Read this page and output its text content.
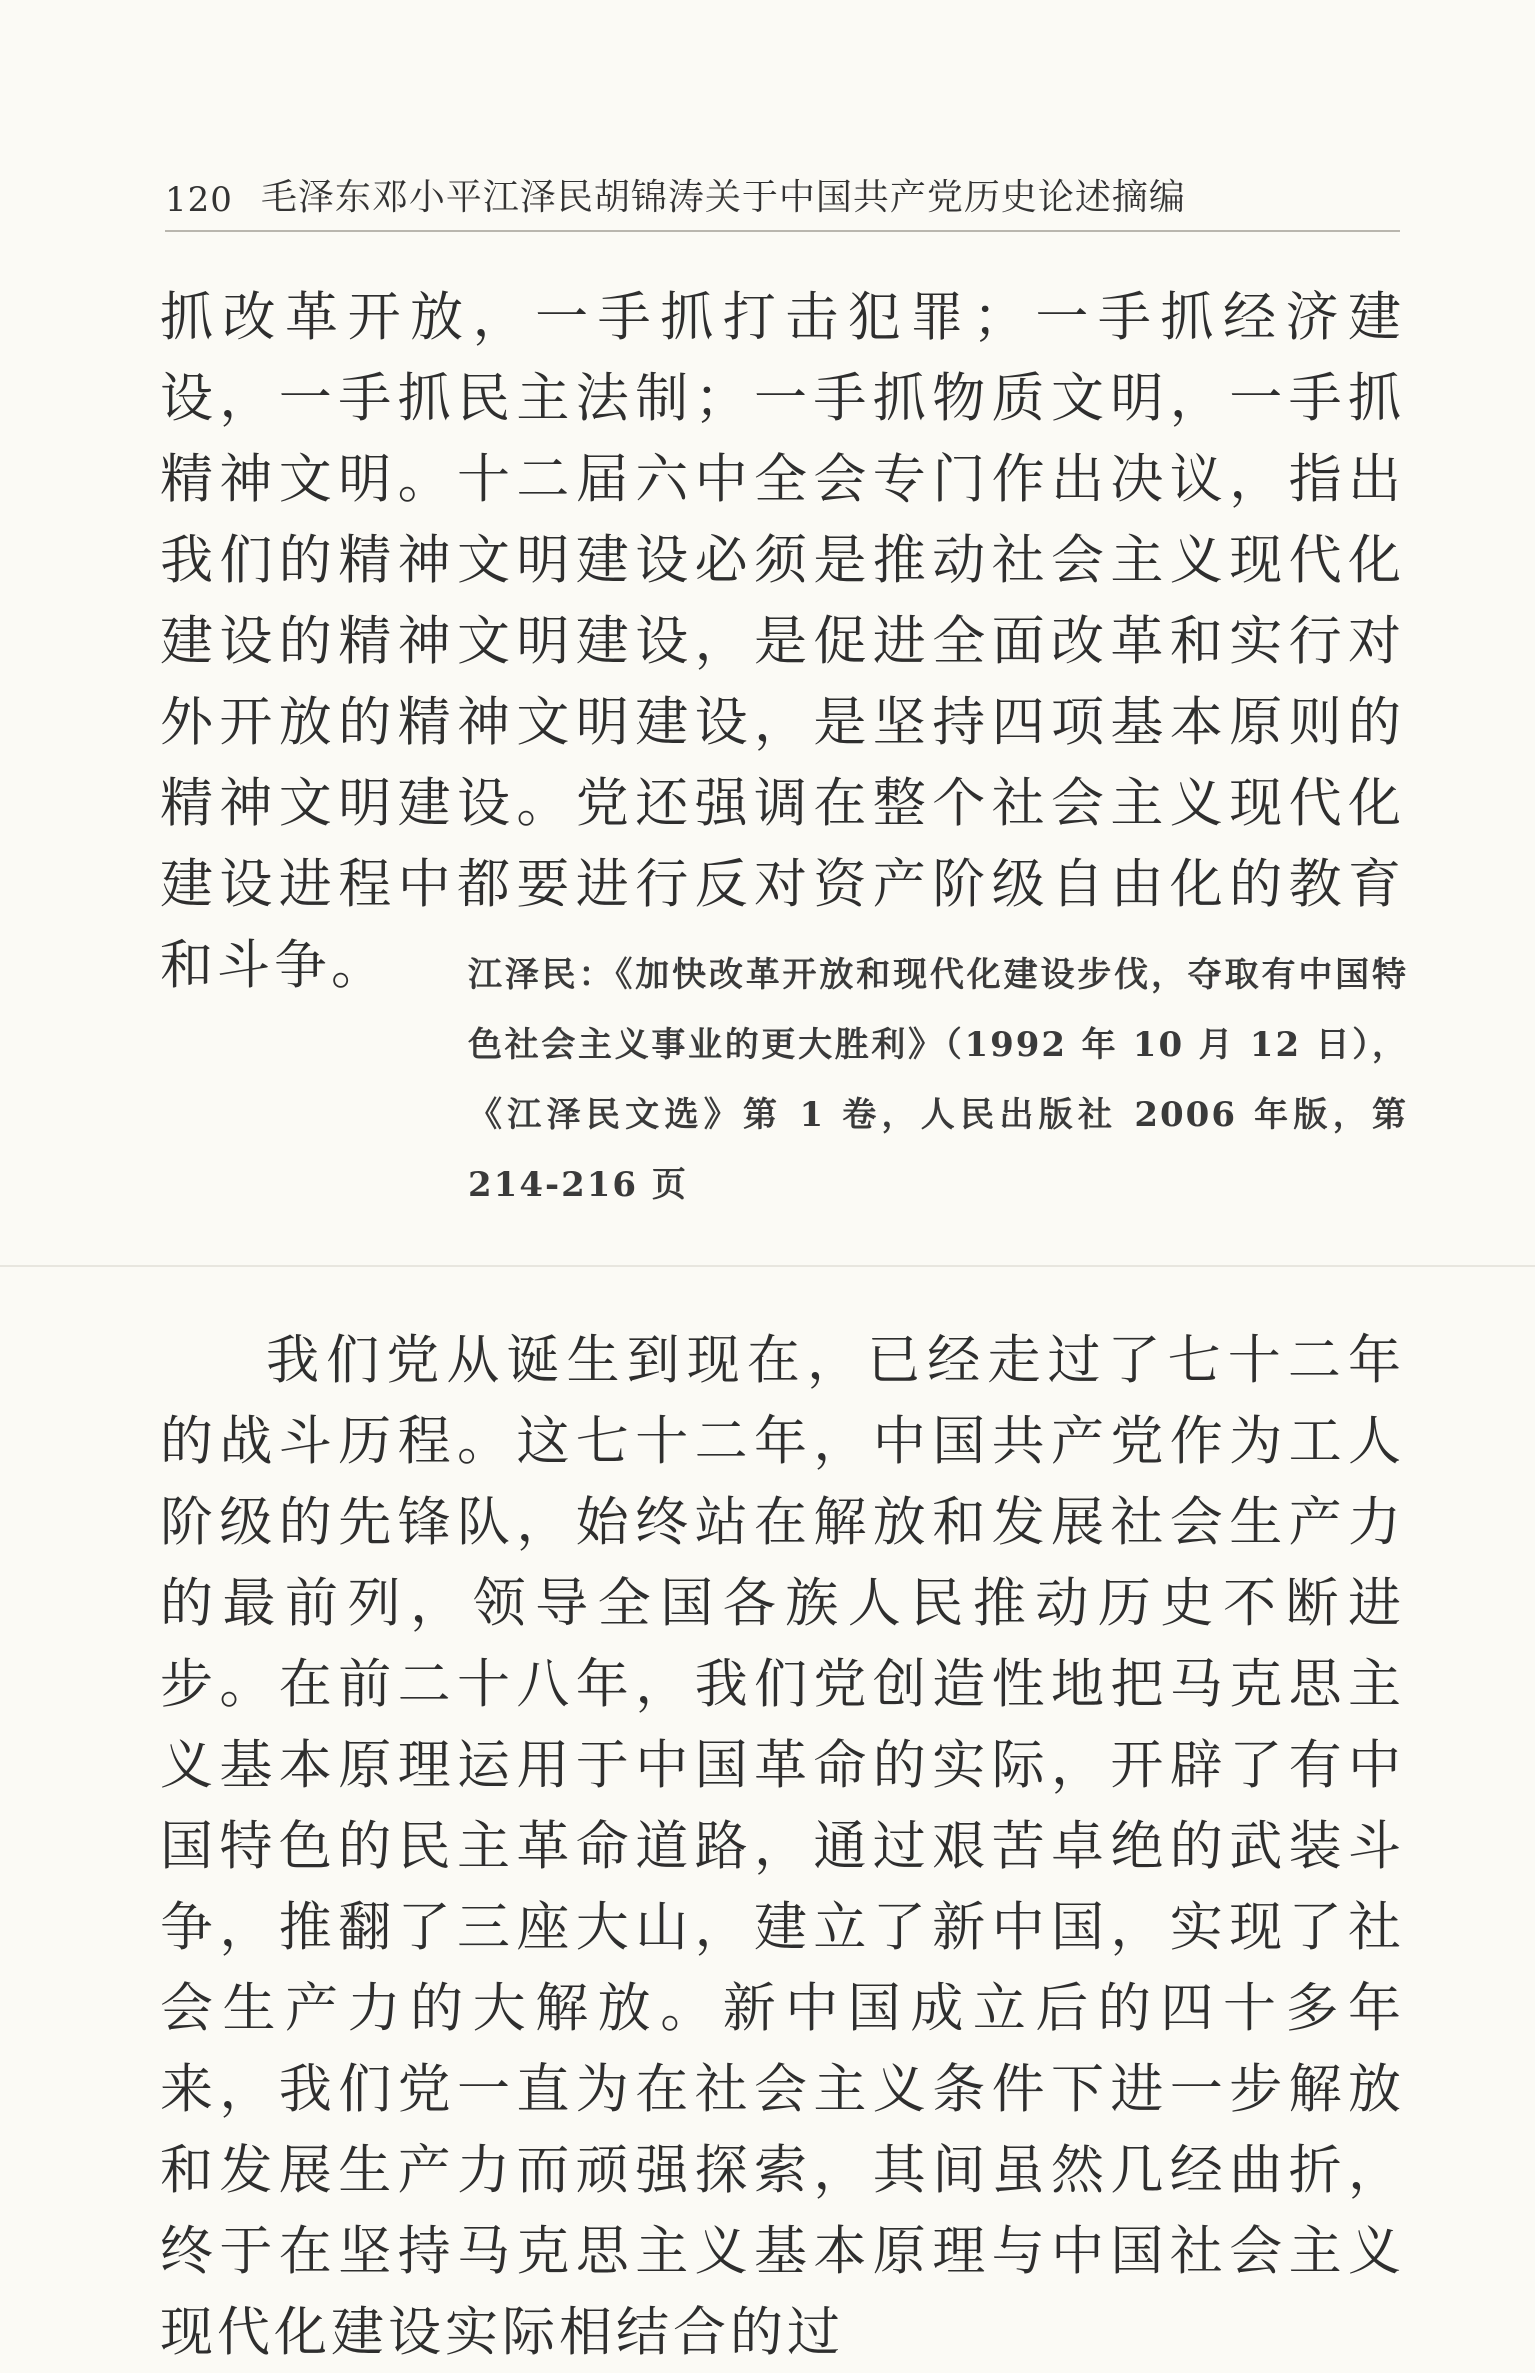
120 毛泽东邓小平江泽民胡锦涛关于中国共产党历史论述摘编

抓改革开放，一手抓打击犯罪；一手抓经济建设，一手抓民主法制；一手抓物质文明，一手抓精神文明。十二届六中全会专门作出决议，指出我们的精神文明建设必须是推动社会主义现代化建设的精神文明建设，是促进全面改革和实行对外开放的精神文明建设，是坚持四项基本原则的精神文明建设。党还强调在整个社会主义现代化建设进程中都要进行反对资产阶级自由化的教育和斗争。	江泽民：《加快改革开放和现代化建设步伐，夺取有中国特色社会主义事业的更大胜利》（1992 年 10 月 12 日），《江泽民文选》第 1 卷，人民出版社 2006 年版，第 214-216 页

我们党从诞生到现在，已经走过了七十二年的战斗历程。这七十二年，中国共产党作为工人阶级的先锋队，始终站在解放和发展社会生产力的最前列，领导全国各族人民推动历史不断进步。在前二十八年，我们党创造性地把马克思主义基本原理运用于中国革命的实际，开辟了有中国特色的民主革命道路，通过艰苦卓绝的武装斗争，推翻了三座大山，建立了新中国，实现了社会生产力的大解放。新中国成立后的四十多年来，我们党一直为在社会主义条件下进一步解放和发展生产力而顽强探索，其间虽然几经曲折，终于在坚持马克思主义基本原理与中国社会主义现代化建设实际相结合的过
